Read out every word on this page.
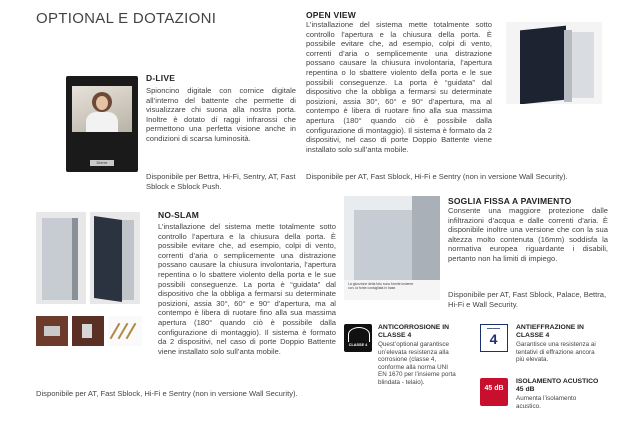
OPTIONAL E DOTAZIONI
Dierre
D-LIVE
Spioncino digitale con cornice digitale all’interno del battente che permette di visualizzare chi suona alla nostra porta. Inoltre è dotato di raggi infrarossi che permettono una perfetta visione anche in condizioni di scarsa luminosità.
Disponibile per Bettra, Hi-Fi, Sentry, AT, Fast Sblock e Sblock Push.
OPEN VIEW
L’installazione del sistema mette totalmente sotto controllo l’apertura e la chiusura della porta. È possibile evitare che, ad esempio, colpi di vento, correnti d’aria o semplicemente una distrazione possano causare la chiusura involontaria, l’apertura repentina o lo sbattere violento della porta e le sue possibili conseguenze. La porta è “guidata” dal dispositivo che la obbliga a fermarsi su determinate posizioni, assia 30°, 60° e 90° d’apertura, ma al contempo è libera di ruotare fino alla sua massima apertura (180° quando ciò è possibile dalla configurazione di montaggio). Il sistema è formato da 2 dispositivi, nel caso di porte Doppio Battente viene installato solo sull’anta mobile.
Disponibile per AT, Fast Sblock, Hi-Fi e Sentry (non in versione Wall Security).
NO-SLAM
L’installazione del sistema mette totalmente sotto controllo l’apertura e la chiusura della porta. È possibile evitare che, ad esempio, colpi di vento, correnti d’aria o semplicemente una distrazione possano causare la chiusura involontaria, l’apertura repentina o lo sbattere violento della porta e le sue possibili conseguenze. La porta è “guidata” dal dispositivo che la obbliga a fermarsi su determinate posizioni, assia 30°, 60° e 90° d’apertura, ma al contempo è libera di ruotare fino alla sua massima apertura (180° quando ciò è possibile dalla configurazione di montaggio). Il sistema è formato da 2 dispositivi, nel caso di porte Doppio Battente viene installato solo sull’anta mobile.
Disponibile per AT, Fast Sblock, Hi-Fi e Sentry (non in versione Wall Security).
La giunzione della foto sono fornite insieme con, la fonte consigliata in base.
SOGLIA FISSA A PAVIMENTO
Consente una maggiore protezione dalle infiltrazioni d’acqua e dalle correnti d’aria. È disponibile inoltre una versione che con la sua altezza molto contenuta (16mm) soddisfa la normativa europea riguardante i disabili, pertanto non ha limiti di impiego.
Disponibile per AT, Fast Sblock, Palace, Bettra, Hi-Fi e Wall Security.
CLASSE 4
ANTICORROSIONE IN CLASSE 4
Quest’optional garantisce un’elevata resistenza alla corrosione (classe 4, conforme alla norma UNI EN 1670 per l’insieme porta blindata - telaio).
▬▬▬▬▬
4
ANTIEFFRAZIONE IN CLASSE 4
Garantisce una resistenza ai tentativi di effrazione ancora più elevata.
45 dB
ISOLAMENTO ACUSTICO 45 dB
Aumenta l’isolamento acustico.
